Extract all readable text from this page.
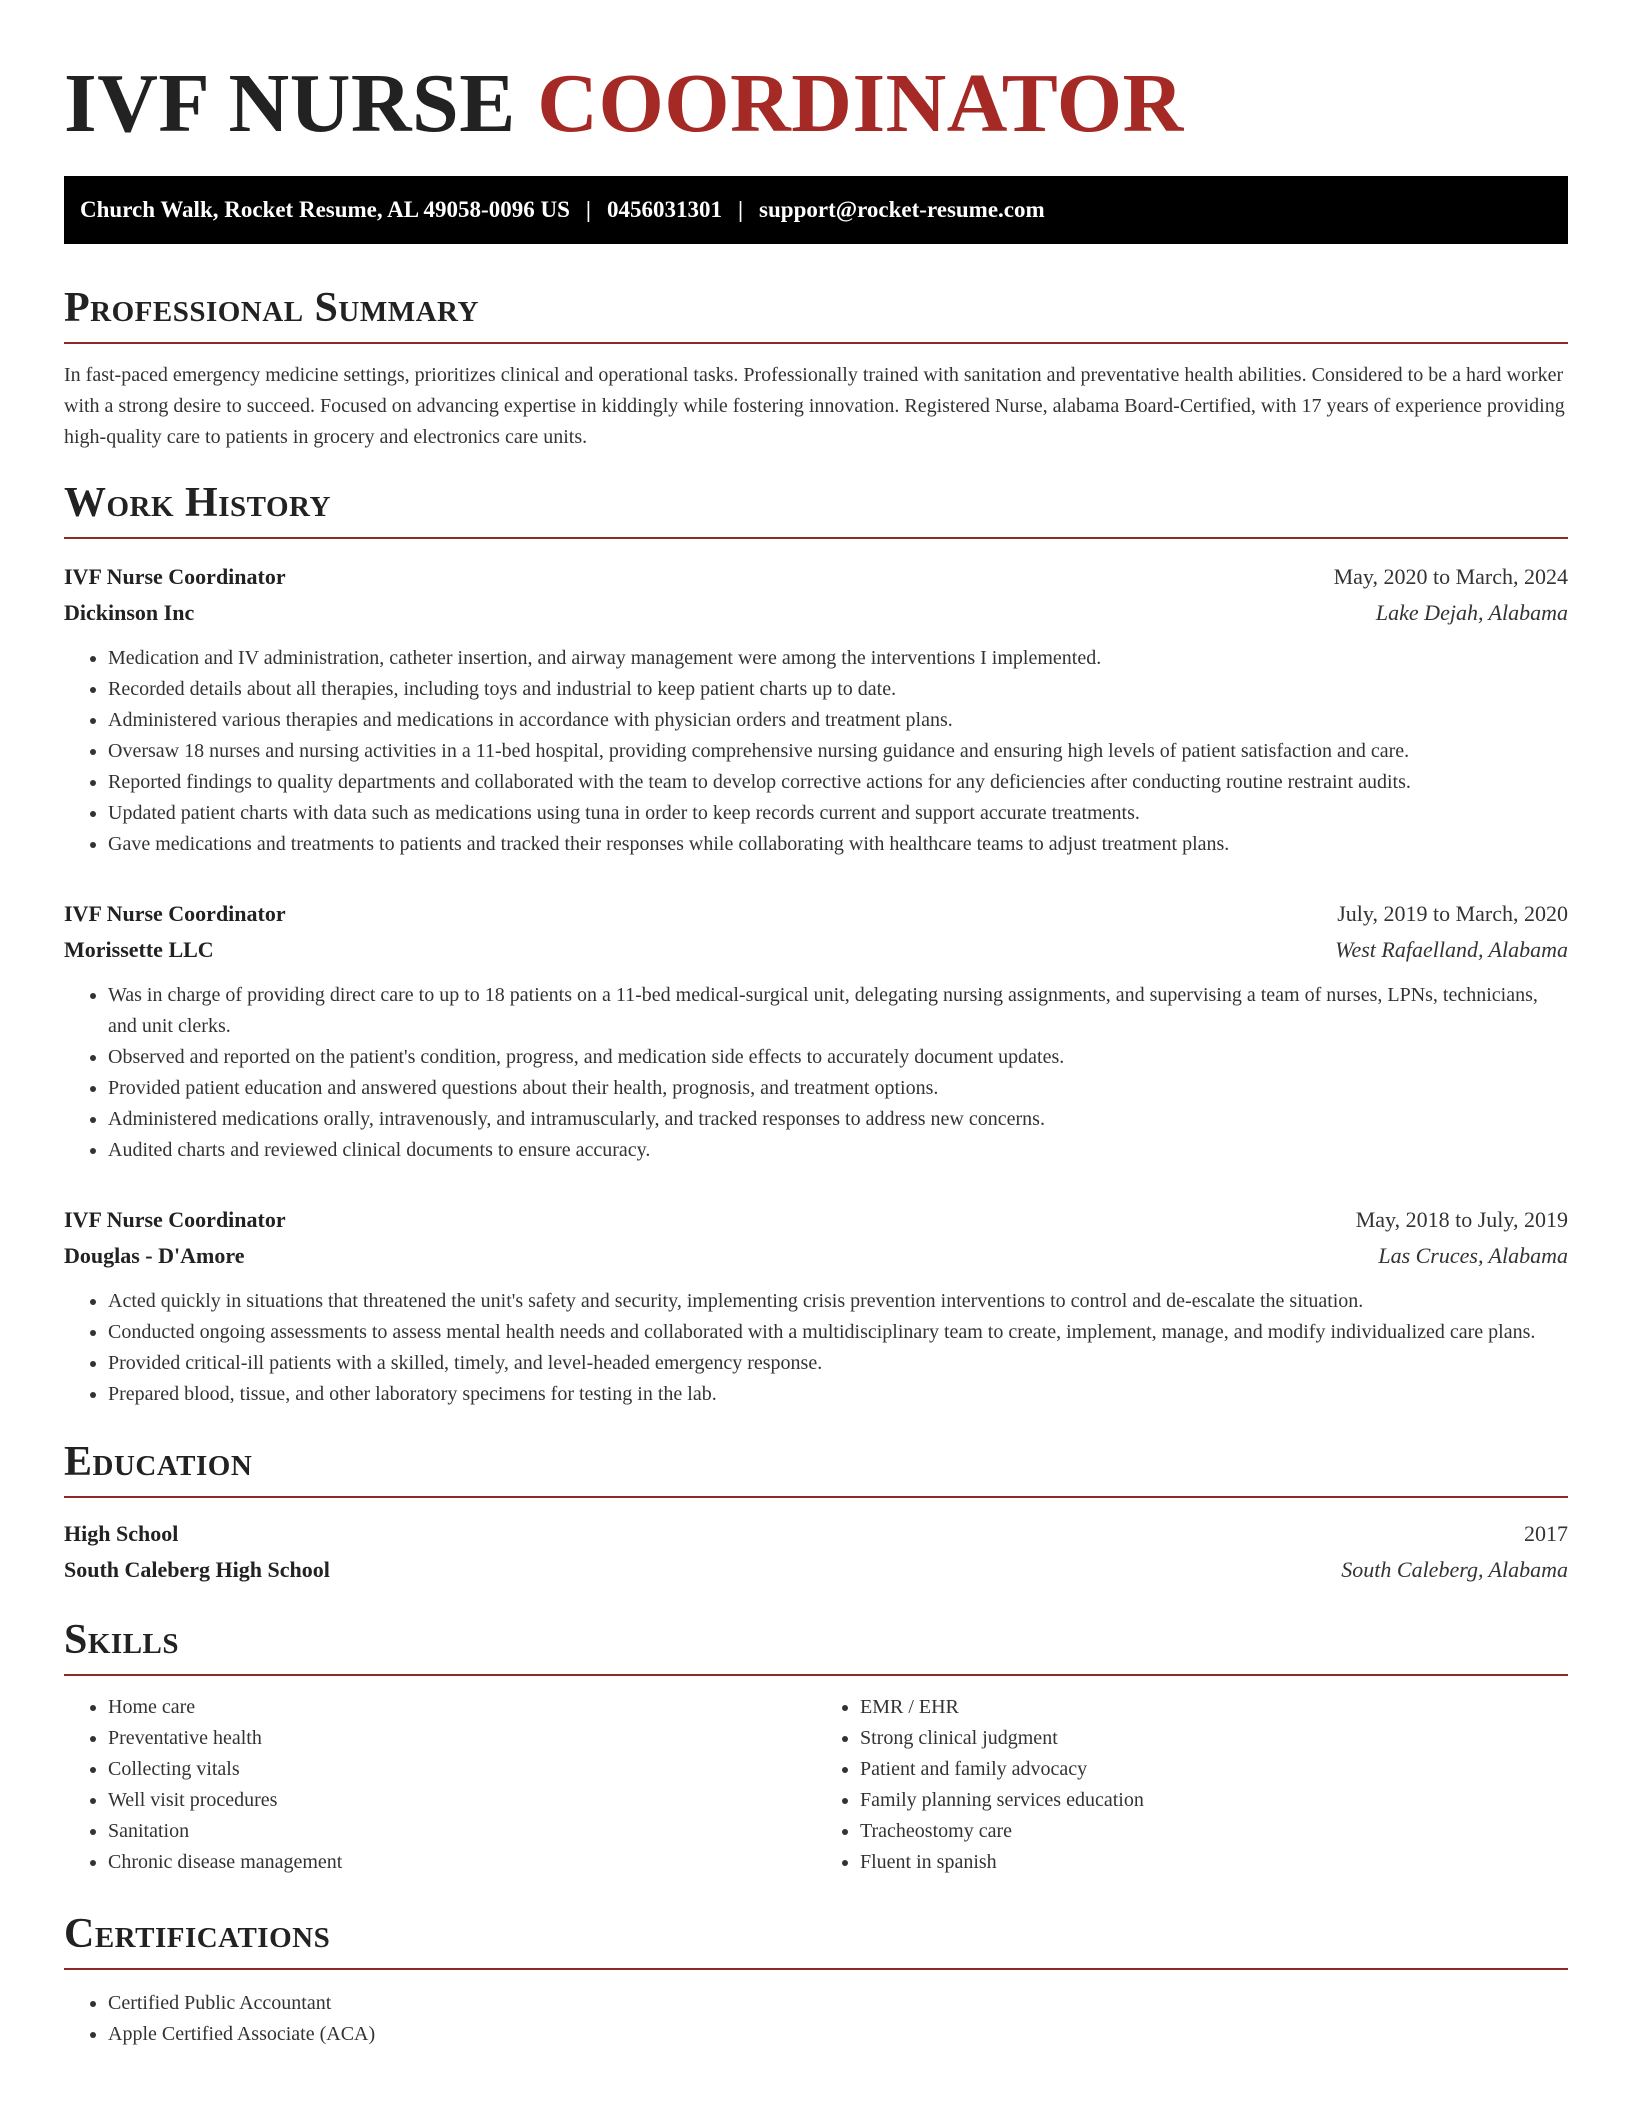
IVF NURSE COORDINATOR
Church Walk, Rocket Resume, AL 49058-0096 US | 0456031301 | support@rocket-resume.com
Professional Summary

In fast-paced emergency medicine settings, prioritizes clinical and operational tasks. Professionally trained with sanitation and preventative health abilities. Considered to be a hard worker with a strong desire to succeed. Focused on advancing expertise in kiddingly while fostering innovation. Registered Nurse, alabama Board-Certified, with 17 years of experience providing high-quality care to patients in grocery and electronics care units.

Work History
IVF Nurse Coordinator	May, 2020 to March, 2024
Dickinson Inc	Lake Dejah, Alabama
• Medication and IV administration, catheter insertion, and airway management were among the interventions I implemented.
• Recorded details about all therapies, including toys and industrial to keep patient charts up to date.
• Administered various therapies and medications in accordance with physician orders and treatment plans.
• Oversaw 18 nurses and nursing activities in a 11-bed hospital, providing comprehensive nursing guidance and ensuring high levels of patient satisfaction and care.
• Reported findings to quality departments and collaborated with the team to develop corrective actions for any deficiencies after conducting routine restraint audits.
• Updated patient charts with data such as medications using tuna in order to keep records current and support accurate treatments.
• Gave medications and treatments to patients and tracked their responses while collaborating with healthcare teams to adjust treatment plans.
IVF Nurse Coordinator	July, 2019 to March, 2020
Morissette LLC	West Rafaelland, Alabama
• Was in charge of providing direct care to up to 18 patients on a 11-bed medical-surgical unit, delegating nursing assignments, and supervising a team of nurses, LPNs, technicians, and unit clerks.
• Observed and reported on the patient's condition, progress, and medication side effects to accurately document updates.
• Provided patient education and answered questions about their health, prognosis, and treatment options.
• Administered medications orally, intravenously, and intramuscularly, and tracked responses to address new concerns.
• Audited charts and reviewed clinical documents to ensure accuracy.
IVF Nurse Coordinator	May, 2018 to July, 2019
Douglas - D'Amore	Las Cruces, Alabama
• Acted quickly in situations that threatened the unit's safety and security, implementing crisis prevention interventions to control and de-escalate the situation.
• Conducted ongoing assessments to assess mental health needs and collaborated with a multidisciplinary team to create, implement, manage, and modify individualized care plans.
• Provided critical-ill patients with a skilled, timely, and level-headed emergency response.
• Prepared blood, tissue, and other laboratory specimens for testing in the lab.
Education
High School	2017
South Caleberg High School	South Caleberg, Alabama
Skills
• Home care
• Preventative health
• Collecting vitals
• Well visit procedures
• Sanitation
• Chronic disease management
• EMR / EHR
• Strong clinical judgment
• Patient and family advocacy
• Family planning services education
• Tracheostomy care
• Fluent in spanish
Certifications
• Certified Public Accountant
• Apple Certified Associate (ACA)
